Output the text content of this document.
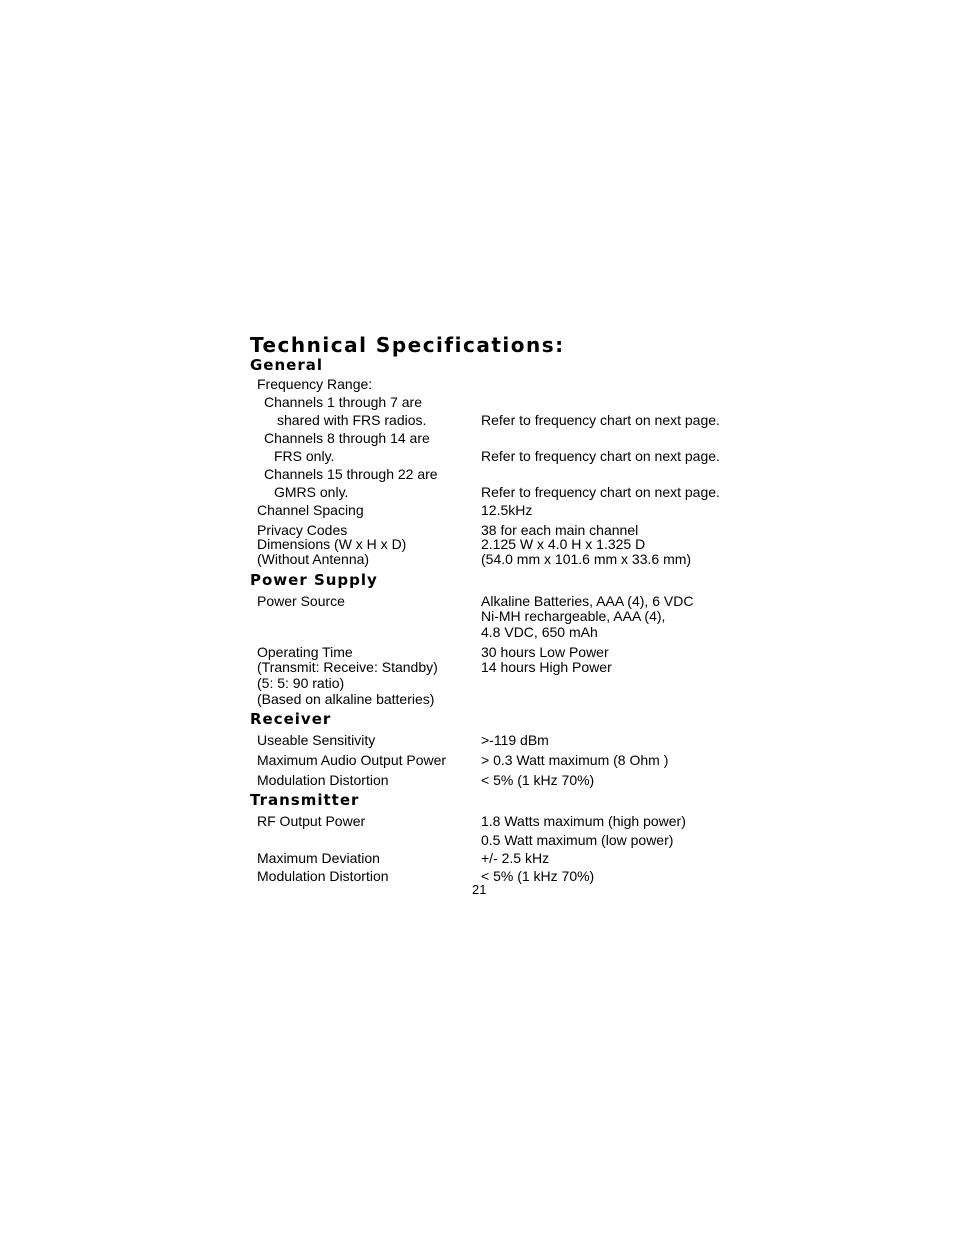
Technical Specifications:
General
Frequency Range:
Channels 1 through 7 are
shared with FRS radios.	Refer to frequency chart on next page.
Channels 8 through 14 are
FRS only.	Refer to frequency chart on next page.
Channels 15 through 22 are
GMRS only.	Refer to frequency chart on next page.
Channel Spacing	12.5kHz
Privacy Codes	38 for each main channel
Dimensions (W x H x D)	2.125 W x 4.0 H x 1.325 D
(Without Antenna)	(54.0 mm x 101.6 mm x 33.6 mm)
Power Supply
Power Source	Alkaline Batteries, AAA (4), 6 VDC
Ni-MH rechargeable, AAA (4),
4.8 VDC, 650 mAh
Operating Time	30 hours Low Power
(Transmit: Receive: Standby)	14 hours High Power
(5: 5: 90 ratio)
(Based on alkaline batteries)
Receiver
Useable Sensitivity	>-119 dBm
Maximum Audio Output Power > 0.3 Watt maximum (8 Ohm )
Modulation Distortion	< 5% (1 kHz 70%)
Transmitter
RF Output Power	1.8 Watts maximum (high power)
0.5 Watt maximum (low power)
Maximum Deviation	+/- 2.5 kHz
Modulation Distortion	< 5% (1 kHz 70%)
21
